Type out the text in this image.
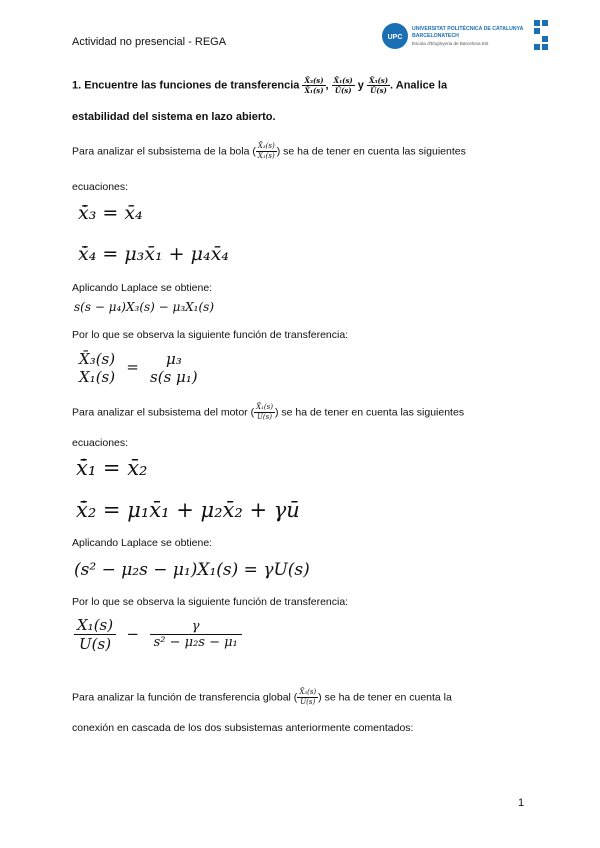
Actividad no presencial - REGA	UPC
UNIVERSITAT POLITÈCNICA DE CATALUNYA
BARCELONATECH
Escola d'Enginyeria de Barcelona Est
1. Encuentre las funciones de transferencia $\frac{\text{X̄₃(s)}}{\text{X̄₁(s)}}$ , $\frac{\text{X̄₁(s)}}{Ū(s)}$ y $\frac{\text{X̄₃(s)}}{Ū(s)}$ . Analice la
estabilidad del sistema en lazo abierto.
Para analizar el subsistema de la bola ( $\frac{\text{X̄₃(s)}}{\text{X̄₁(s)}}$ ) se ha de tener en cuenta las siguientes
ecuaciones:
x̄̇₃ = x̄₄
x̄̇₄ = μ₃x̄₁ + μ₄x̄₄
Aplicando Laplace se obtiene:
s(s − μ₄)X₃(s) − μ₃X₁(s)
Por lo que se observa la siguiente función de transferencia:
X̄₃(s)
X₁(s)
=	μ₃
s(s μ₁)
Para analizar el subsistema del motor ( $\frac{\text{X̄₁(s)}}{U(s)}$ ) se ha de tener en cuenta las siguientes
ecuaciones:
x̄̇₁ = x̄₂
x̄̇₂ = μ₁x̄₁ + μ₂x̄₂ + γū
Aplicando Laplace se obtiene:
(s² − μ₂s − μ₁)X₁(s) = γU(s)
Por lo que se observa la siguiente función de transferencia:
$\frac{\text{X₁(s)}}{U(s)} - \frac{\gamma}{\text{s² − μ₂s − μ₁}}$
Para analizar la función de transferencia global ( $\frac{\text{X̄₃(s)}}{Ū(s)}$ ) se ha de tener en cuenta la
conexión en cascada de los dos subsistemas anteriormente comentados:
1
